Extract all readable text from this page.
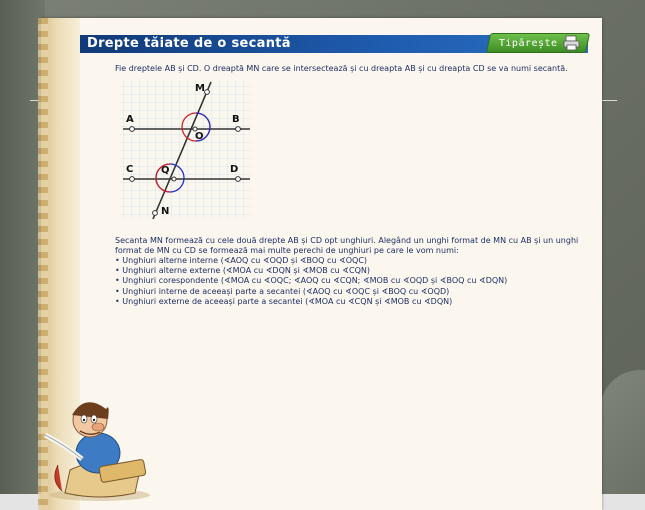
Drepte tăiate de o secantă	Tipărește
Fie dreptele AB și CD. O dreaptă MN care se intersectează și cu dreapta AB și cu dreapta CD se va numi secantă.
M
A	B
O
C	Q	D
N
Secanta MN formează cu cele două drepte AB și CD opt unghiuri. Alegând un unghi format de MN cu AB și un unghi format de MN cu CD se formează mai multe perechi de unghiuri pe care le vom numi:
• Unghiuri alterne interne (∢AOQ cu ∢OQD și ∢BOQ cu ∢OQC)
• Unghiuri alterne externe (∢MOA cu ∢DQN și ∢MOB cu ∢CQN)
• Unghiuri corespondente (∢MOA cu ∢OQC; ∢AOQ cu ∢CQN; ∢MOB cu ∢OQD și ∢BOQ cu ∢DQN)
• Unghiuri interne de aceeași parte a secantei (∢AOQ cu ∢OQC și ∢BOQ cu ∢OQD)
• Unghiuri externe de aceeași parte a secantei (∢MOA cu ∢CQN și ∢MOB cu ∢DQN)
